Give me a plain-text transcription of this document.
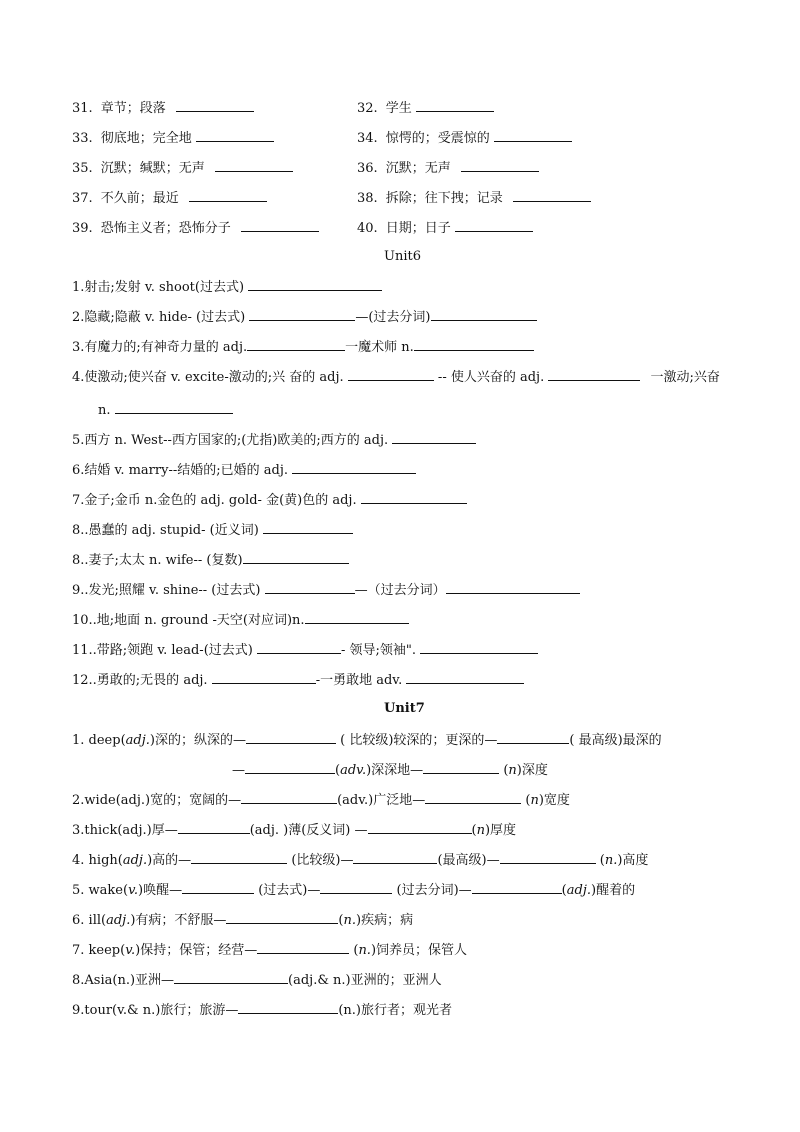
31. 章节；段落	32. 学生
33. 彻底地；完全地	34. 惊愕的；受震惊的
35. 沉默；缄默；无声	36. 沉默；无声
37. 不久前；最近	38. 拆除；往下拽；记录
39. 恐怖主义者；恐怖分子	40. 日期；日子
Unit6
1.射击;发射 v. shoot(过去式)
2.隐藏;隐蔽 v. hide- (过去式)	—(过去分词)
3.有魔力的;有神奇力量的 adj.	一魔术师 n.
4.使激动;使兴奋 v. excite-激动的;兴 奋的 adj.	-- 使人兴奋的 adj.	一激动;兴奋
n.
5.西方 n. West--西方国家的;(尤指)欧美的;西方的 adj.
6.结婚 v. marry--结婚的;已婚的 adj.
7.金子;金币 n.金色的 adj. gold- 金(黄)色的 adj.
8..愚蠢的 adj. stupid- (近义词)
8..妻子;太太 n. wife-- (复数)
9..发光;照耀 v. shine-- (过去式)	—（过去分词）
10..地;地面 n. ground -天空(对应词)n.
11..带路;领跑 v. lead-(过去式)	- 领导;领袖".
12..勇敢的;无畏的 adj.	-一勇敢地 adv.
Unit7
1. deep(adj.)深的；纵深的—	( 比较级)较深的；更深的—	( 最高级)最深的
—	(adv.)深深地—	(n)深度
2.wide(adj.)宽的；宽阔的—	(adv.)广泛地—	(n)宽度
3.thick(adj.)厚—	(adj. )薄(反义词) —	(n)厚度
4. high(adj.)高的—	(比较级)—	(最高级)—	(n.)高度
5. wake(v.)唤醒—	(过去式)—	(过去分词)—	(adj.)醒着的
6. ill(adj.)有病；不舒服—	(n.)疾病；病
7. keep(v.)保持；保管；经营—	(n.)饲养员；保管人
8.Asia(n.)亚洲—	(adj.& n.)亚洲的；亚洲人
9.tour(v.& n.)旅行；旅游—	(n.)旅行者；观光者
